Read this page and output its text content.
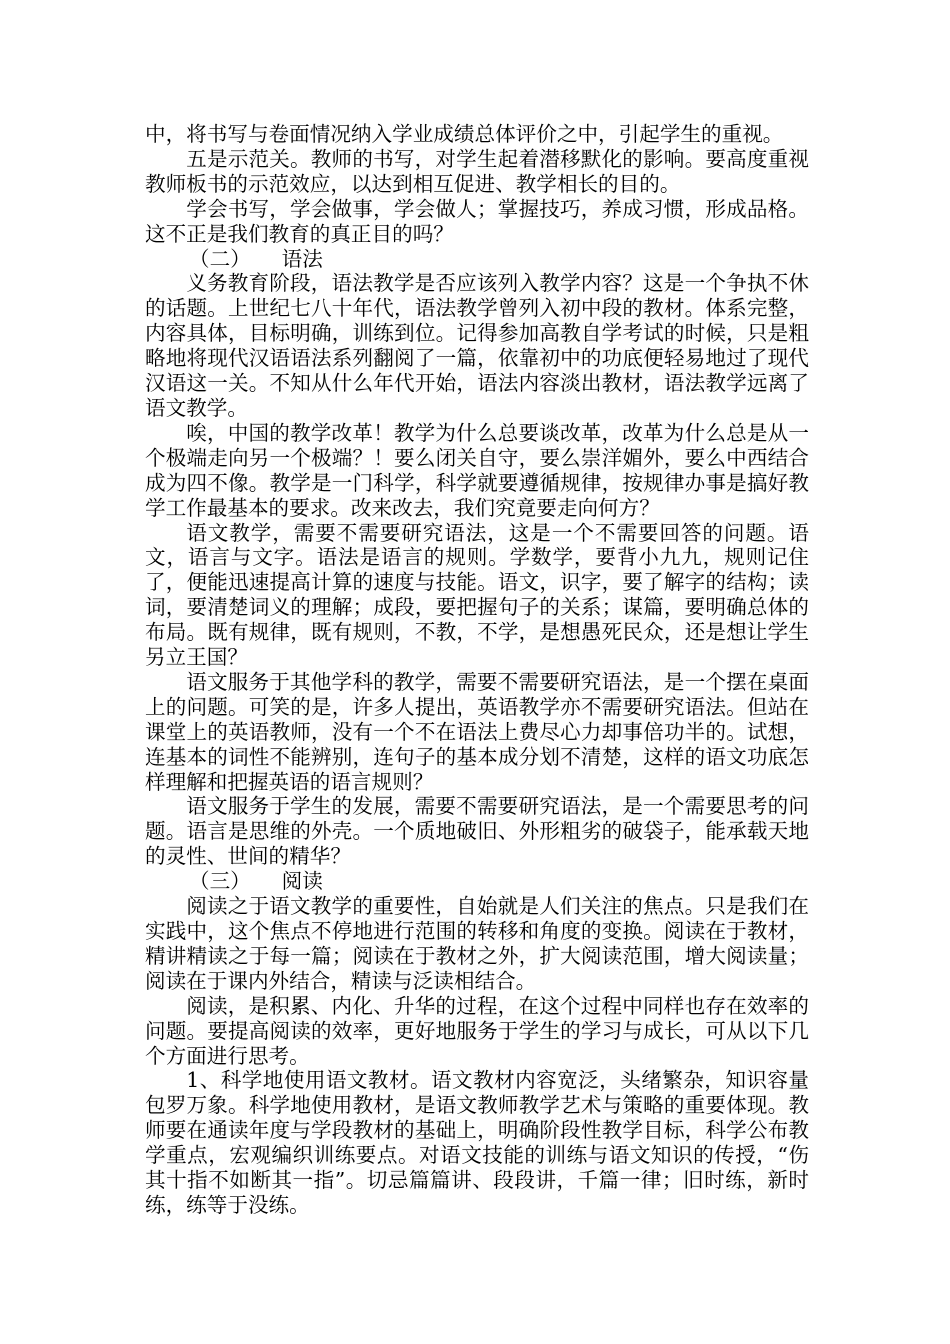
中，将书写与卷面情况纳入学业成绩总体评价之中，引起学生的重视。

五是示范关。教师的书写，对学生起着潜移默化的影响。要高度重视教师板书的示范效应，以达到相互促进、教学相长的目的。

学会书写，学会做事，学会做人；掌握技巧，养成习惯，形成品格。这不正是我们教育的真正目的吗？

（二）　　语法

义务教育阶段，语法教学是否应该列入教学内容？这是一个争执不休的话题。上世纪七八十年代，语法教学曾列入初中段的教材。体系完整，内容具体，目标明确，训练到位。记得参加高教自学考试的时候，只是粗略地将现代汉语语法系列翻阅了一篇，依靠初中的功底便轻易地过了现代汉语这一关。不知从什么年代开始，语法内容淡出教材，语法教学远离了语文教学。

唉，中国的教学改革！教学为什么总要谈改革，改革为什么总是从一个极端走向另一个极端？！要么闭关自守，要么崇洋媚外，要么中西结合成为四不像。教学是一门科学，科学就要遵循规律，按规律办事是搞好教学工作最基本的要求。改来改去，我们究竟要走向何方？

语文教学，需要不需要研究语法，这是一个不需要回答的问题。语文，语言与文字。语法是语言的规则。学数学，要背小九九，规则记住了，便能迅速提高计算的速度与技能。语文，识字，要了解字的结构；读词，要清楚词义的理解；成段，要把握句子的关系；谋篇，要明确总体的布局。既有规律，既有规则，不教，不学，是想愚死民众，还是想让学生另立王国？

语文服务于其他学科的教学，需要不需要研究语法，是一个摆在桌面上的问题。可笑的是，许多人提出，英语教学亦不需要研究语法。但站在课堂上的英语教师，没有一个不在语法上费尽心力却事倍功半的。试想，连基本的词性不能辨别，连句子的基本成分划不清楚，这样的语文功底怎样理解和把握英语的语言规则？

语文服务于学生的发展，需要不需要研究语法，是一个需要思考的问题。语言是思维的外壳。一个质地破旧、外形粗劣的破袋子，能承载天地的灵性、世间的精华？

（三）　　阅读

阅读之于语文教学的重要性，自始就是人们关注的焦点。只是我们在实践中，这个焦点不停地进行范围的转移和角度的变换。阅读在于教材，精讲精读之于每一篇；阅读在于教材之外，扩大阅读范围，增大阅读量；阅读在于课内外结合，精读与泛读相结合。

阅读，是积累、内化、升华的过程，在这个过程中同样也存在效率的问题。要提高阅读的效率，更好地服务于学生的学习与成长，可从以下几个方面进行思考。

1、科学地使用语文教材。语文教材内容宽泛，头绪繁杂，知识容量包罗万象。科学地使用教材，是语文教师教学艺术与策略的重要体现。教师要在通读年度与学段教材的基础上，明确阶段性教学目标，科学公布教学重点，宏观编织训练要点。对语文技能的训练与语文知识的传授，“伤其十指不如断其一指”。切忌篇篇讲、段段讲，千篇一律；旧时练，新时练，练等于没练。
